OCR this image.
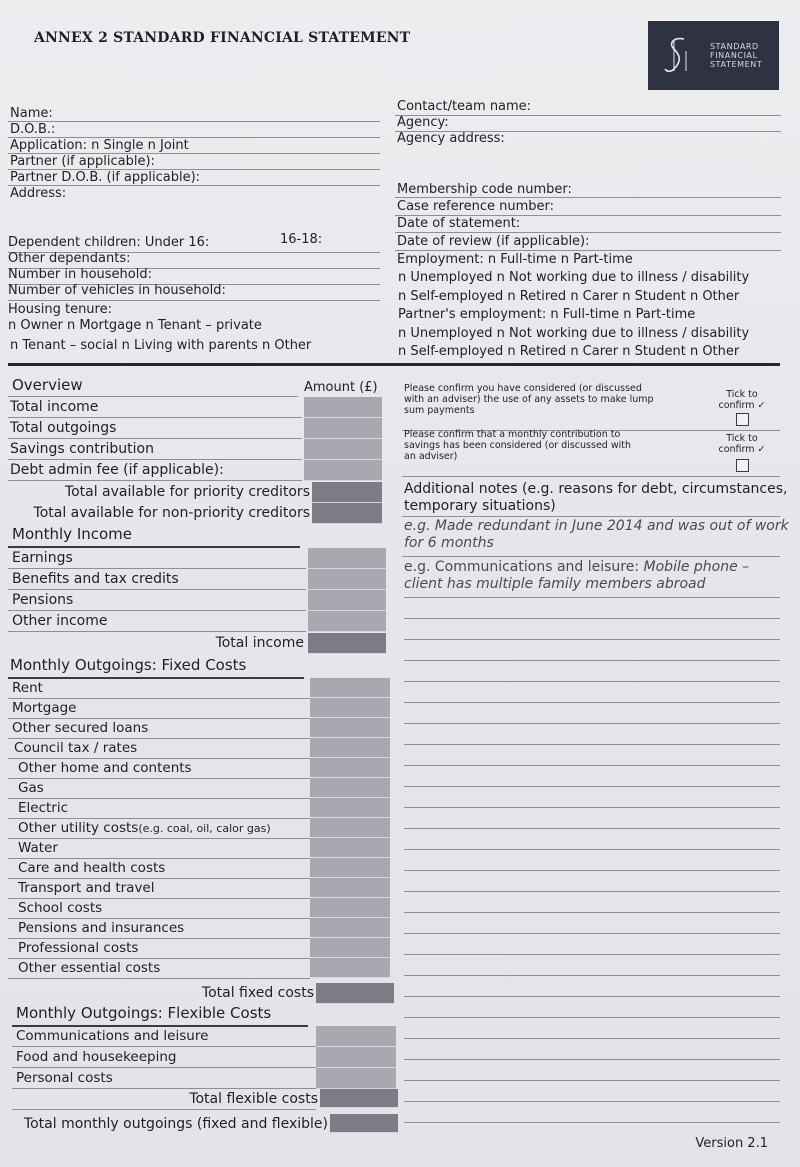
ANNEX 2 STANDARD FINANCIAL STATEMENT
STANDARD
FINANCIAL
STATEMENT
Name:
D.O.B.:
Application: n Single n Joint
Partner (if applicable):
Partner D.O.B. (if applicable):
Address:
Dependent children: Under 16:	16-18:
Other dependants:
Number in household:
Number of vehicles in household:
Housing tenure:
n Owner n Mortgage n Tenant – private
n Tenant – social n Living with parents n Other
Contact/team name:
Agency:
Agency address:
Membership code number:
Case reference number:
Date of statement:
Date of review (if applicable):
Employment: n Full-time n Part-time
n Unemployed n Not working due to illness / disability
n Self-employed n Retired n Carer n Student n Other
Partner's employment: n Full-time n Part-time
n Unemployed n Not working due to illness / disability
n Self-employed n Retired n Carer n Student n Other
Overview	Amount (£)
Total income
Total outgoings
Savings contribution
Debt admin fee (if applicable):
Total available for priority creditors
Total available for non-priority creditors
Please confirm you have considered (or discussed with an adviser) the use of any assets to make lump sum payments
Tick to confirm ✓
Please confirm that a monthly contribution to savings has been considered (or discussed with an adviser)
Tick to confirm ✓
Additional notes (e.g. reasons for debt, circumstances, temporary situations)
e.g. Made redundant in June 2014 and was out of work for 6 months
e.g. Communications and leisure: Mobile phone – client has multiple family members abroad
Monthly Income
Earnings
Benefits and tax credits
Pensions
Other income
Total income
Monthly Outgoings: Fixed Costs
Rent
Mortgage
Other secured loans
Council tax / rates
Other home and contents
Gas
Electric
Other utility costs(e.g. coal, oil, calor gas)
Water
Care and health costs
Transport and travel
School costs
Pensions and insurances
Professional costs
Other essential costs
Total fixed costs
Monthly Outgoings: Flexible Costs
Communications and leisure
Food and housekeeping
Personal costs
Total flexible costs
Total monthly outgoings (fixed and flexible)
Version 2.1
